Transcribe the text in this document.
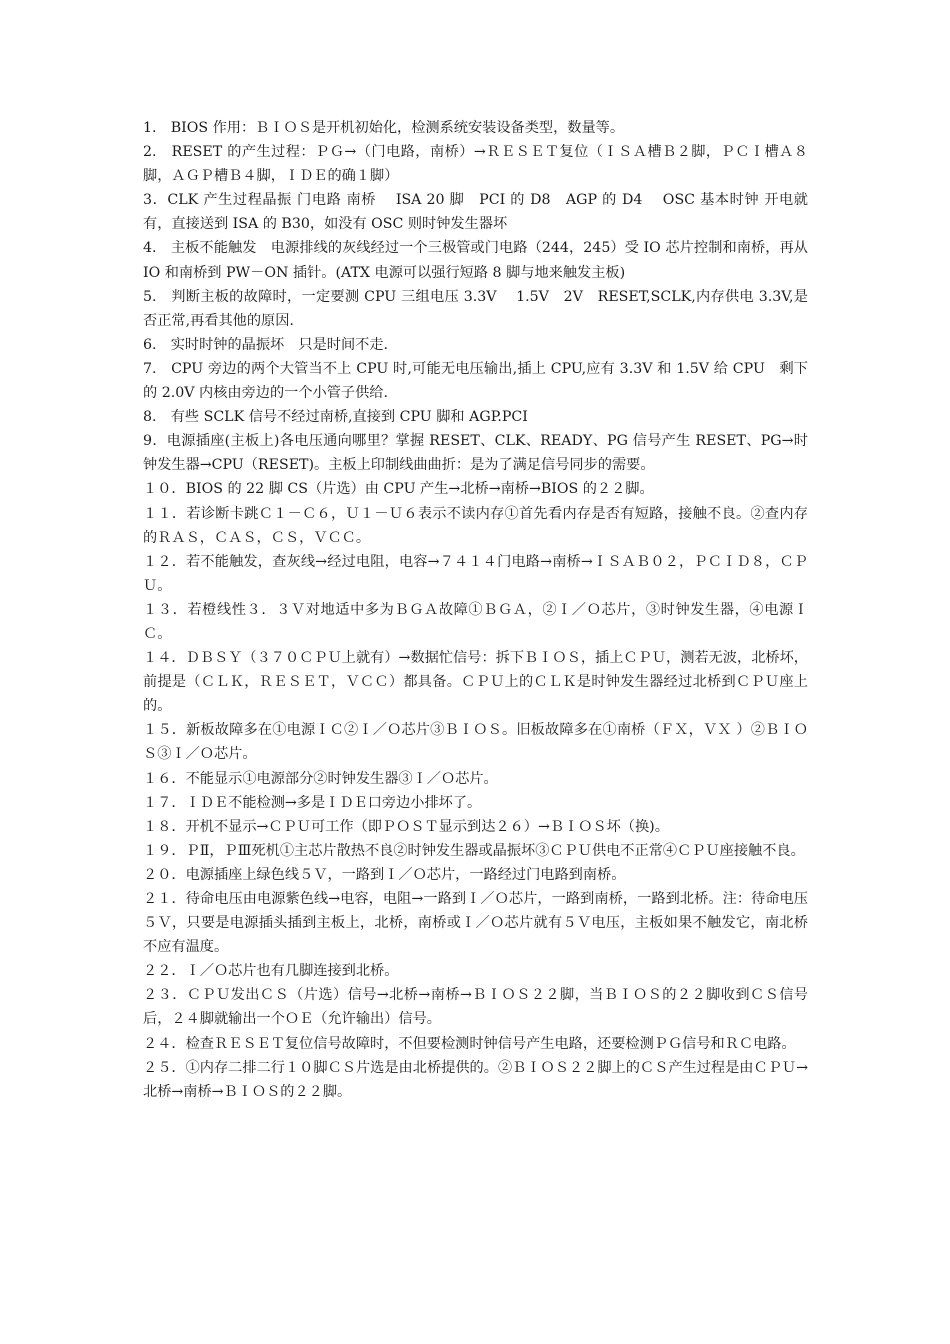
1.　BIOS 作用：ＢＩＯＳ是开机初始化，检测系统安装设备类型，数量等。

2.　RESET 的产生过程：ＰＧ→（门电路，南桥）→ＲＥＳＥＴ复位（ＩＳＡ槽Ｂ２脚，ＰＣＩ槽Ａ８脚，ＡＧＰ槽Ｂ４脚，ＩＤＥ的确１脚）

3．CLK 产生过程晶振 门电路 南桥　 ISA 20 脚　PCI 的 D8　AGP 的 D4　 OSC 基本时钟 开电就有，直接送到 ISA 的 B30，如没有 OSC 则时钟发生器坏

4.　主板不能触发　电源排线的灰线经过一个三极管或门电路（244，245）受 IO 芯片控制和南桥，再从 IO 和南桥到 PW－ON 插针。(ATX 电源可以强行短路 8 脚与地来触发主板)

5.　判断主板的故障时，一定要测 CPU 三组电压 3.3V　 1.5V　2V　RESET,SCLK,内存供电 3.3V,是否正常,再看其他的原因.

6.　实时时钟的晶振坏　只是时间不走.

7.　CPU 旁边的两个大管当不上 CPU 时,可能无电压输出,插上 CPU,应有 3.3V 和 1.5V 给 CPU　剩下的 2.0V 内核由旁边的一个小管子供给.

8.　有些 SCLK 信号不经过南桥,直接到 CPU 脚和 AGP.PCI

9．电源插座(主板上)各电压通向哪里？掌握 RESET、CLK、READY、PG 信号产生 RESET、PG→时钟发生器→CPU（RESET)。主板上印制线曲曲折：是为了满足信号同步的需要。

１０．BIOS 的 22 脚 CS（片选）由 CPU 产生→北桥→南桥→BIOS 的２２脚。

１１．若诊断卡跳Ｃ１－Ｃ６，Ｕ１－Ｕ６表示不读内存①首先看内存是否有短路，接触不良。②查内存的ＲＡＳ，ＣＡＳ，ＣＳ，ＶＣＣ。

１２．若不能触发，查灰线→经过电阻，电容→７４１４门电路→南桥→ＩＳＡＢ０２，ＰＣＩＤ８，ＣＰＵ。

１３．若橙线性３．３Ｖ对地适中多为ＢＧＡ故障①ＢＧＡ，②Ｉ／Ｏ芯片，③时钟发生器，④电源ＩＣ。

１４．ＤＢＳＹ（３７０ＣＰＵ上就有）→数据忙信号：拆下ＢＩＯＳ，插上ＣＰＵ，测若无波，北桥坏，前提是（ＣＬＫ，ＲＥＳＥＴ，ＶＣＣ）都具备。ＣＰＵ上的ＣＬＫ是时钟发生器经过北桥到ＣＰＵ座上的。

１５．新板故障多在①电源ＩＣ②Ｉ／Ｏ芯片③ＢＩＯＳ。旧板故障多在①南桥（ＦＸ，ＶＸ ）②ＢＩＯＳ③Ｉ／Ｏ芯片。

１６．不能显示①电源部分②时钟发生器③Ｉ／Ｏ芯片。

１７．ＩＤＥ不能检测→多是ＩＤＥ口旁边小排坏了。

１８．开机不显示→ＣＰＵ可工作（即ＰＯＳＴ显示到达２６）→ＢＩＯＳ坏（换)。

１９．ＰⅡ，ＰⅢ死机①主芯片散热不良②时钟发生器或晶振坏③ＣＰＵ供电不正常④ＣＰＵ座接触不良。

２０．电源插座上绿色线５Ｖ，一路到Ｉ／Ｏ芯片，一路经过门电路到南桥。

２１．待命电压由电源紫色线→电容，电阻→一路到Ｉ／Ｏ芯片，一路到南桥，一路到北桥。注：待命电压５Ｖ，只要是电源插头插到主板上，北桥，南桥或Ｉ／Ｏ芯片就有５Ｖ电压，主板如果不触发它，南北桥不应有温度。

２２．Ｉ／Ｏ芯片也有几脚连接到北桥。

２３．ＣＰＵ发出ＣＳ（片选）信号→北桥→南桥→ＢＩＯＳ２２脚，当ＢＩＯＳ的２２脚收到ＣＳ信号后，２４脚就输出一个ＯＥ（允许输出）信号。

２４．检查ＲＥＳＥＴ复位信号故障时，不但要检测时钟信号产生电路，还要检测ＰＧ信号和ＲＣ电路。

２５．①内存二排二行１０脚ＣＳ片选是由北桥提供的。②ＢＩＯＳ２２脚上的ＣＳ产生过程是由ＣＰＵ→北桥→南桥→ＢＩＯＳ的２２脚。
